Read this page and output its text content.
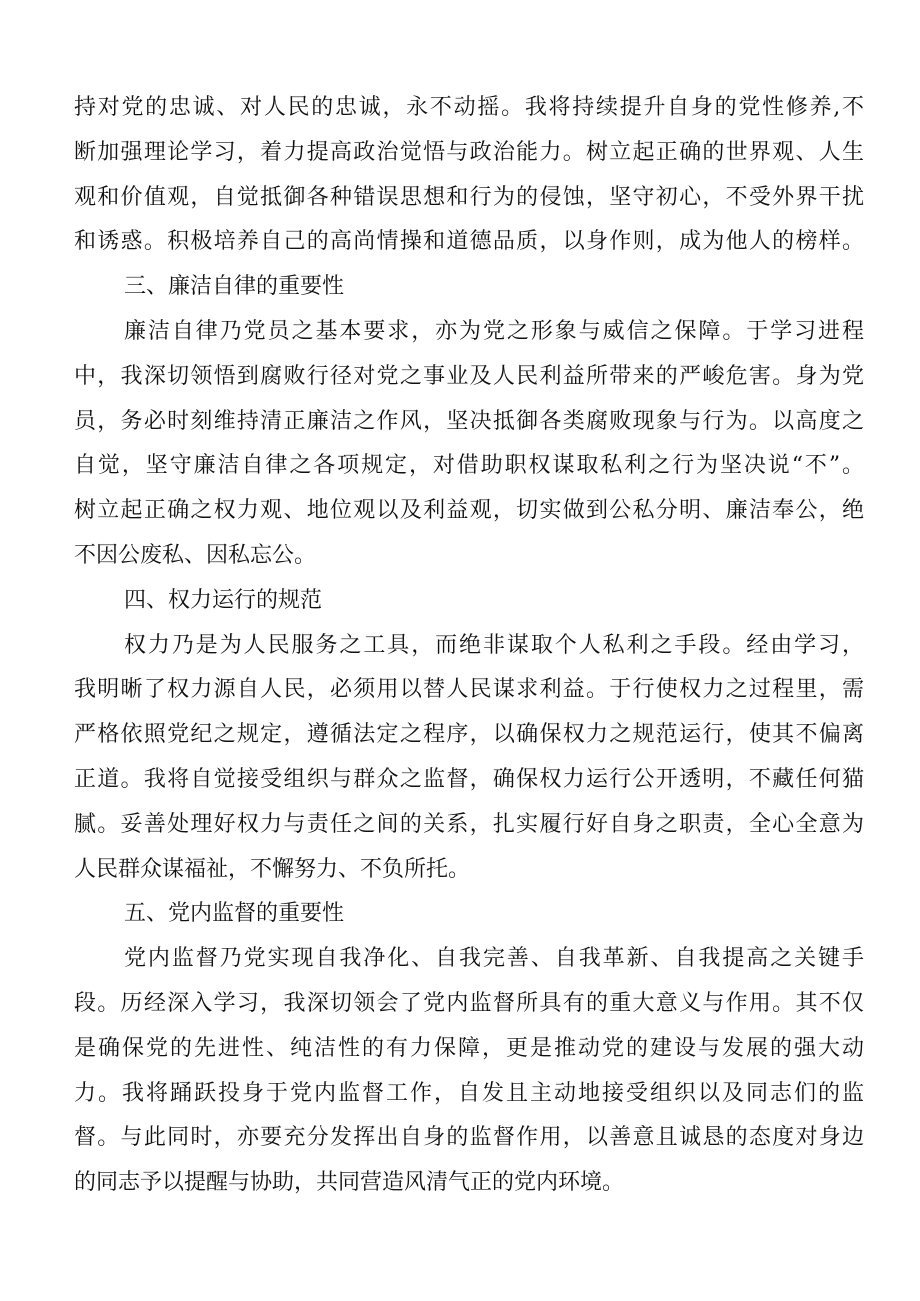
持对党的忠诚、对人民的忠诚，永不动摇。我将持续提升自身的党性修养,不

断加强理论学习，着力提高政治觉悟与政治能力。树立起正确的世界观、人生

观和价值观，自觉抵御各种错误思想和行为的侵蚀，坚守初心，不受外界干扰

和诱惑。积极培养自己的高尚情操和道德品质，以身作则，成为他人的榜样。

三、廉洁自律的重要性

廉洁自律乃党员之基本要求，亦为党之形象与威信之保障。于学习进程

中，我深切领悟到腐败行径对党之事业及人民利益所带来的严峻危害。身为党

员，务必时刻维持清正廉洁之作风，坚决抵御各类腐败现象与行为。以高度之

自觉，坚守廉洁自律之各项规定，对借助职权谋取私利之行为坚决说“不”。

树立起正确之权力观、地位观以及利益观，切实做到公私分明、廉洁奉公，绝

不因公废私、因私忘公。

四、权力运行的规范

权力乃是为人民服务之工具，而绝非谋取个人私利之手段。经由学习，

我明晰了权力源自人民，必须用以替人民谋求利益。于行使权力之过程里，需

严格依照党纪之规定，遵循法定之程序，以确保权力之规范运行，使其不偏离

正道。我将自觉接受组织与群众之监督，确保权力运行公开透明，不藏任何猫

腻。妥善处理好权力与责任之间的关系，扎实履行好自身之职责，全心全意为

人民群众谋福祉，不懈努力、不负所托。

五、党内监督的重要性

党内监督乃党实现自我净化、自我完善、自我革新、自我提高之关键手

段。历经深入学习，我深切领会了党内监督所具有的重大意义与作用。其不仅

是确保党的先进性、纯洁性的有力保障，更是推动党的建设与发展的强大动

力。我将踊跃投身于党内监督工作，自发且主动地接受组织以及同志们的监

督。与此同时，亦要充分发挥出自身的监督作用，以善意且诚恳的态度对身边

的同志予以提醒与协助，共同营造风清气正的党内环境。
